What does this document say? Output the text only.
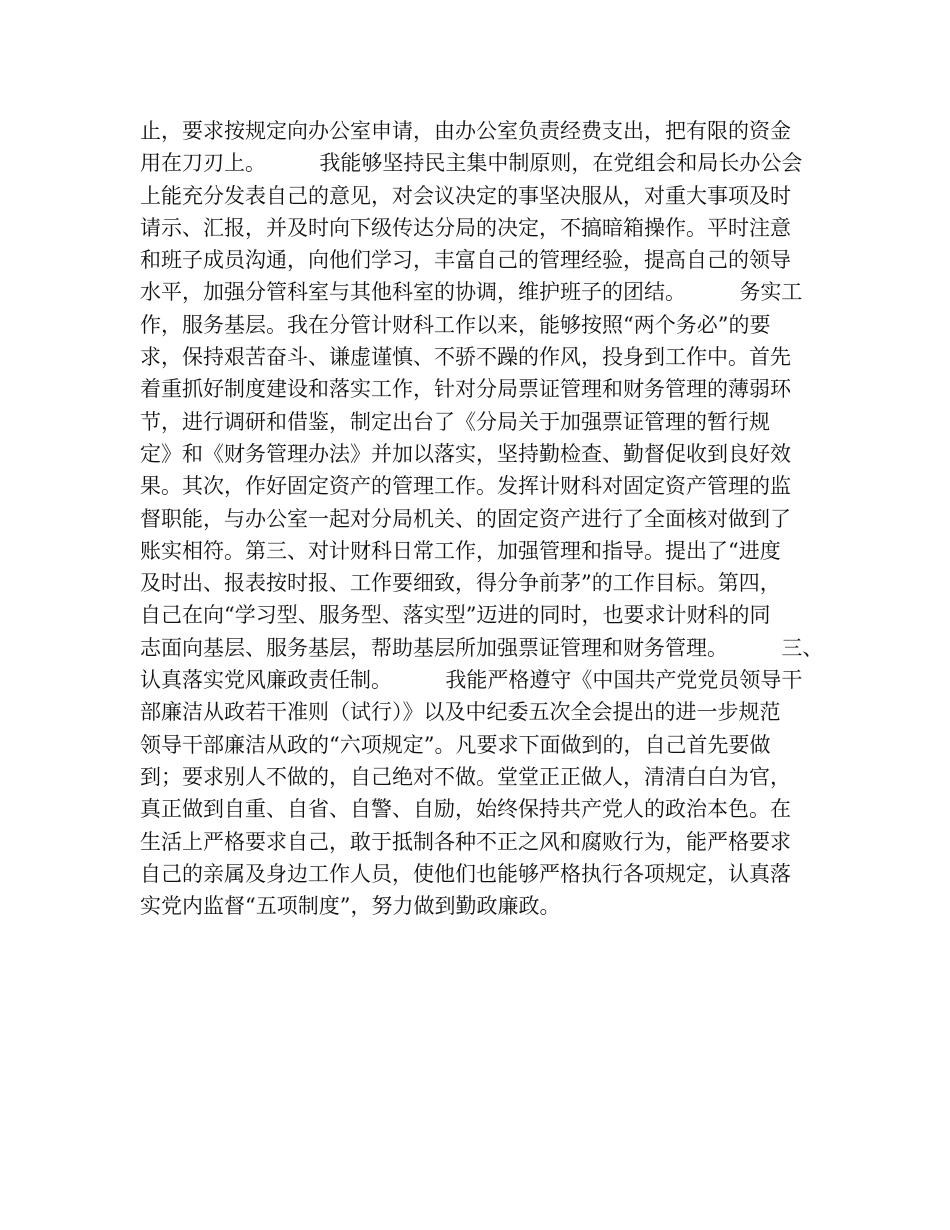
止，要求按规定向办公室申请，由办公室负责经费支出，把有限的资金
用在刀刃上。        我能够坚持民主集中制原则，在党组会和局长办公会
上能充分发表自己的意见，对会议决定的事坚决服从，对重大事项及时
请示、汇报，并及时向下级传达分局的决定，不搞暗箱操作。平时注意
和班子成员沟通，向他们学习，丰富自己的管理经验，提高自己的领导
水平，加强分管科室与其他科室的协调，维护班子的团结。        务实工
作，服务基层。我在分管计财科工作以来，能够按照“两个务必”的要
求，保持艰苦奋斗、谦虚谨慎、不骄不躁的作风，投身到工作中。首先
着重抓好制度建设和落实工作，针对分局票证管理和财务管理的薄弱环
节，进行调研和借鉴，制定出台了《分局关于加强票证管理的暂行规
定》和《财务管理办法》并加以落实，坚持勤检查、勤督促收到良好效
果。其次，作好固定资产的管理工作。发挥计财科对固定资产管理的监
督职能，与办公室一起对分局机关、的固定资产进行了全面核对做到了
账实相符。第三、对计财科日常工作，加强管理和指导。提出了“进度
及时出、报表按时报、工作要细致，得分争前茅”的工作目标。第四，
自己在向“学习型、服务型、落实型”迈进的同时，也要求计财科的同
志面向基层、服务基层，帮助基层所加强票证管理和财务管理。        三、
认真落实党风廉政责任制。        我能严格遵守《中国共产党党员领导干
部廉洁从政若干准则（试行）》以及中纪委五次全会提出的进一步规范
领导干部廉洁从政的“六项规定”。凡要求下面做到的，自己首先要做
到；要求别人不做的，自己绝对不做。堂堂正正做人，清清白白为官，
真正做到自重、自省、自警、自励，始终保持共产党人的政治本色。在
生活上严格要求自己，敢于抵制各种不正之风和腐败行为，能严格要求
自己的亲属及身边工作人员，使他们也能够严格执行各项规定，认真落
实党内监督“五项制度”，努力做到勤政廉政。
